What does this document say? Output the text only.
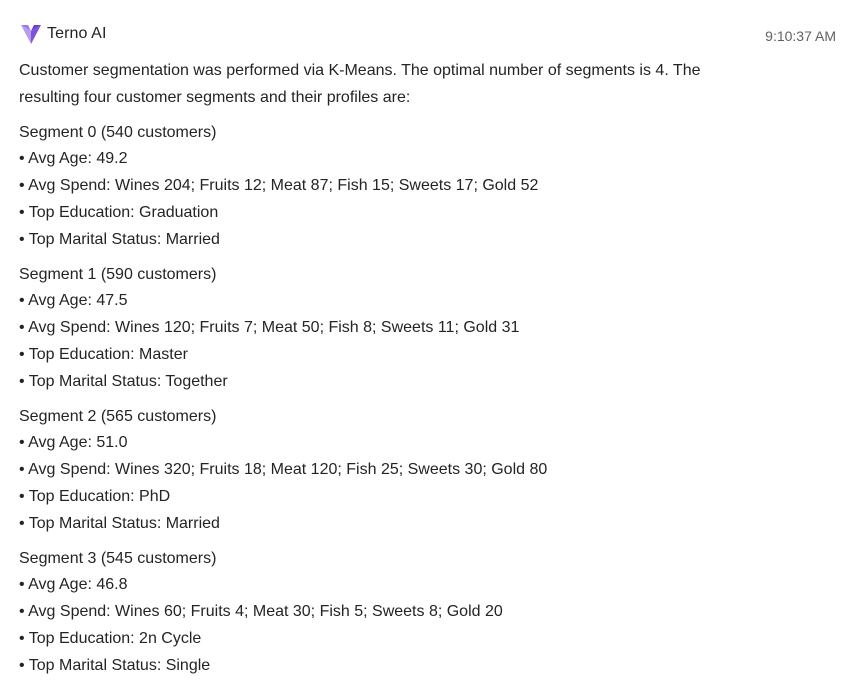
Terno AI	9:10:37 AM
Customer segmentation was performed via K-Means. The optimal number of segments is 4. The
resulting four customer segments and their profiles are:
Segment 0 (540 customers)
• Avg Age: 49.2
• Avg Spend: Wines 204; Fruits 12; Meat 87; Fish 15; Sweets 17; Gold 52
• Top Education: Graduation
• Top Marital Status: Married
Segment 1 (590 customers)
• Avg Age: 47.5
• Avg Spend: Wines 120; Fruits 7; Meat 50; Fish 8; Sweets 11; Gold 31
• Top Education: Master
• Top Marital Status: Together
Segment 2 (565 customers)
• Avg Age: 51.0
• Avg Spend: Wines 320; Fruits 18; Meat 120; Fish 25; Sweets 30; Gold 80
• Top Education: PhD
• Top Marital Status: Married
Segment 3 (545 customers)
• Avg Age: 46.8
• Avg Spend: Wines 60; Fruits 4; Meat 30; Fish 5; Sweets 8; Gold 20
• Top Education: 2n Cycle
• Top Marital Status: Single
